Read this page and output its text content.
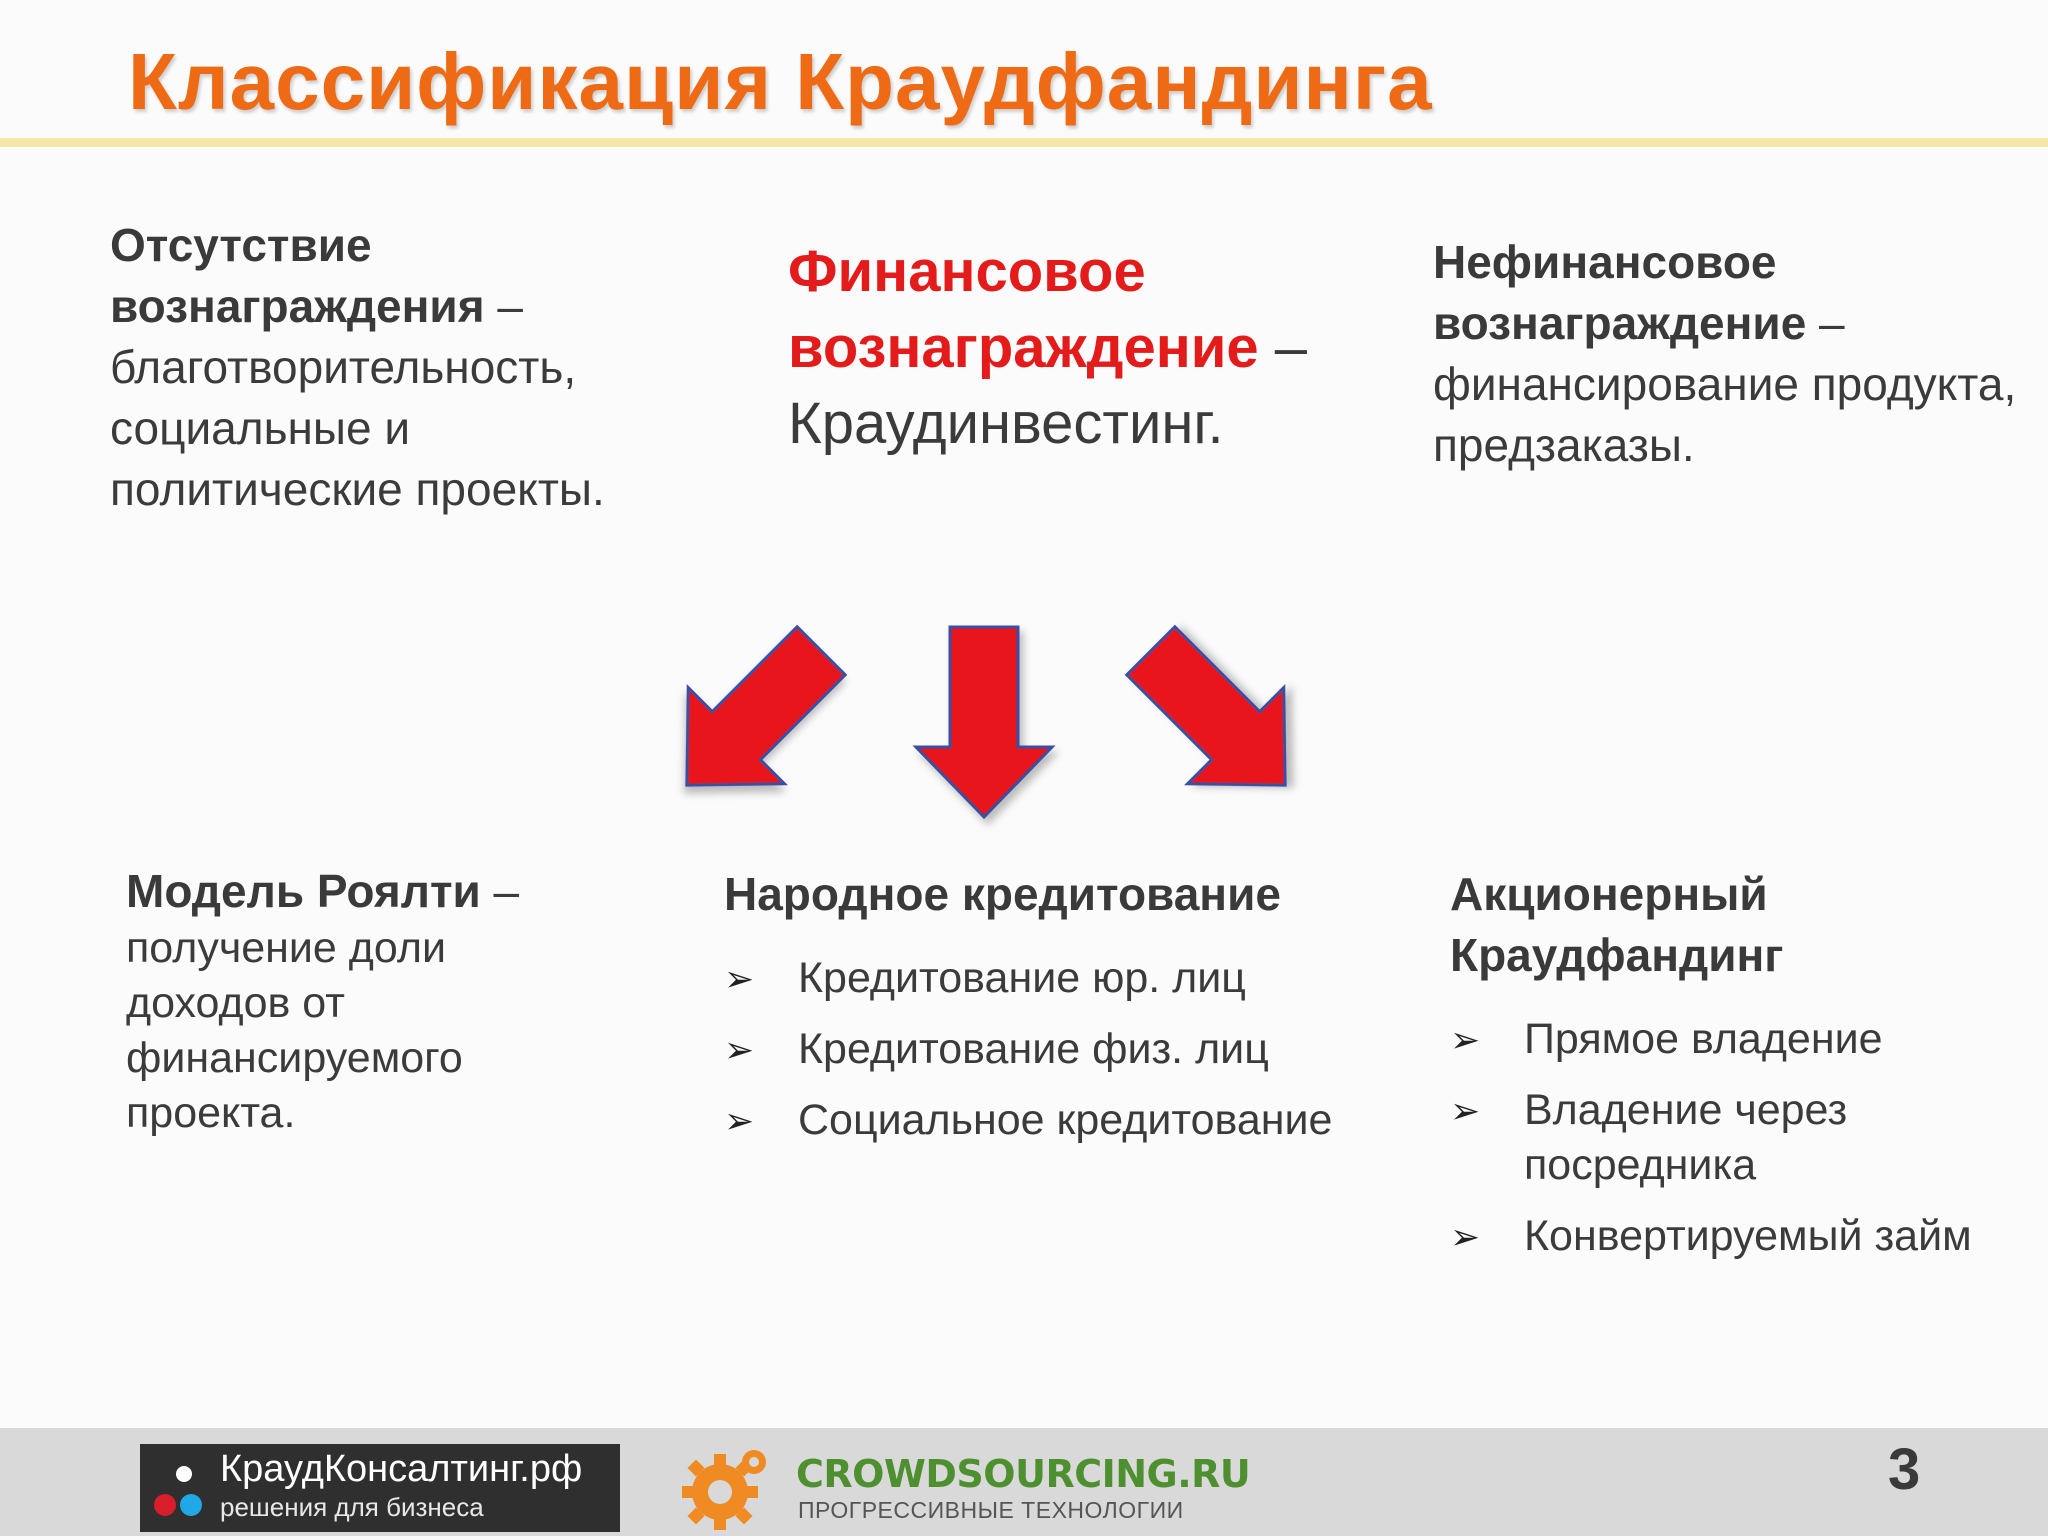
Классификация Краудфандинга
Отсутствие вознаграждения –
благотворительность, социальные и политические проекты.
Финансовое вознаграждение –
Краудинвестинг.
Нефинансовое вознаграждение –
финансирование продукта, предзаказы.
Модель Роялти –
получение доли доходов от финансируемого проекта.
Народное кредитование
➢ Кредитование юр. лиц
➢ Кредитование физ. лиц
➢ Социальное кредитование
Акционерный Краудфандинг
➢ Прямое владение
➢ Владение через посредника
➢ Конвертируемый займ
КраудКонсалтинг.рф
решения для бизнеса
CROWDSOURCING.RU
ПРОГРЕССИВНЫЕ ТЕХНОЛОГИИ
3
